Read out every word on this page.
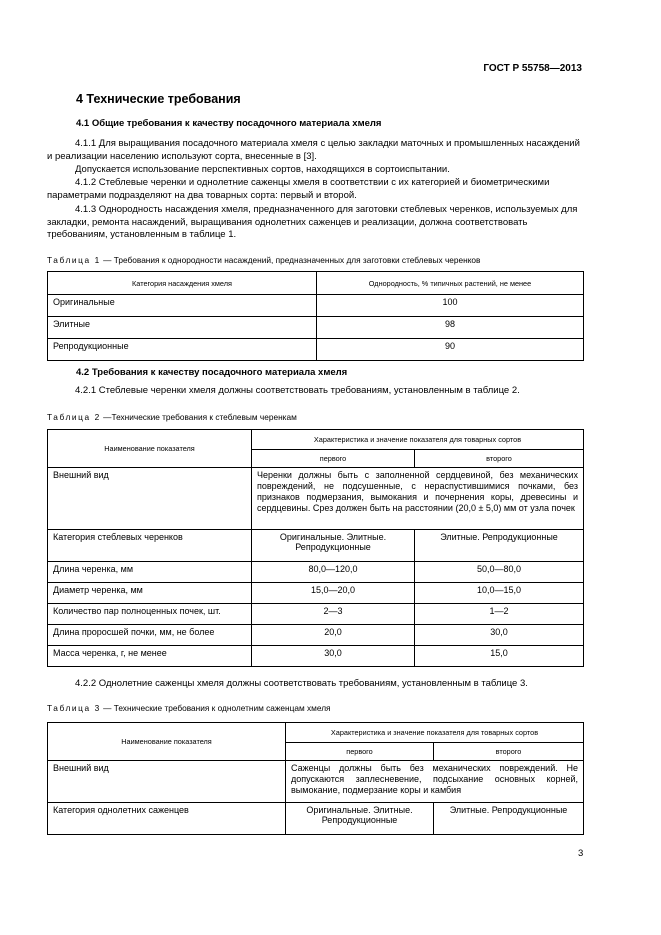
ГОСТ Р 55758—2013
4 Технические требования
4.1 Общие требования к качеству посадочного материала хмеля
4.1.1 Для выращивания посадочного материала хмеля с целью закладки маточных и промышленных насаждений и реализации населению используют сорта, внесенные в [3].
Допускается использование перспективных сортов, находящихся в сортоиспытании.
4.1.2 Стеблевые черенки и однолетние саженцы хмеля в соответствии с их категорией и биометрическими параметрами подразделяют на два товарных сорта: первый и второй.
4.1.3 Однородность насаждения хмеля, предназначенного для заготовки стеблевых черенков, используемых для закладки, ремонта насаждений, выращивания однолетних саженцев и реализации, должна соответствовать требованиям, установленным в таблице 1.
Таблица 1 — Требования к однородности насаждений, предназначенных для заготовки стеблевых черенков
Категория насаждения хмеля	Однородность, % типичных растений, не менее
Оригинальные	100
Элитные	98
Репродукционные	90
4.2 Требования к качеству посадочного материала хмеля
4.2.1 Стеблевые черенки хмеля должны соответствовать требованиям, установленным в таблице 2.
Таблица 2 —Технические требования к стеблевым черенкам
Наименование показателя	Характеристика и значение показателя для товарных сортов	
	первого	второго
Внешний вид	Черенки должны быть с заполненной сердцевиной, без механических повреждений, не подсушенные, с нераспустившимися почками, без признаков подмерзания, вымокания и почернения коры, древесины и сердцевины. Срез должен быть на расстоянии (20,0 ± 5,0) мм от узла почек	
Категория стеблевых черенков	Оригинальные. Элитные. Репродукционные	Элитные. Репродукционные
Длина черенка, мм	80,0—120,0	50,0—80,0
Диаметр черенка, мм	15,0—20,0	10,0—15,0
Количество пар полноценных почек, шт.	2—3	1—2
Длина проросшей почки, мм, не более	20,0	30,0
Масса черенка, г, не менее	30,0	15,0
4.2.2 Однолетние саженцы хмеля должны соответствовать требованиям, установленным в таблице 3.
Таблица 3 — Технические требования к однолетним саженцам хмеля
Наименование показателя	Характеристика и значение показателя для товарных сортов	
	первого	второго
Внешний вид	Саженцы должны быть без механических повреждений. Не допускаются заплесневение, подсыхание основных корней, вымокание, подмерзание коры и камбия	
Категория однолетних саженцев	Оригинальные. Элитные. Репродукционные	Элитные. Репродукционные
3
